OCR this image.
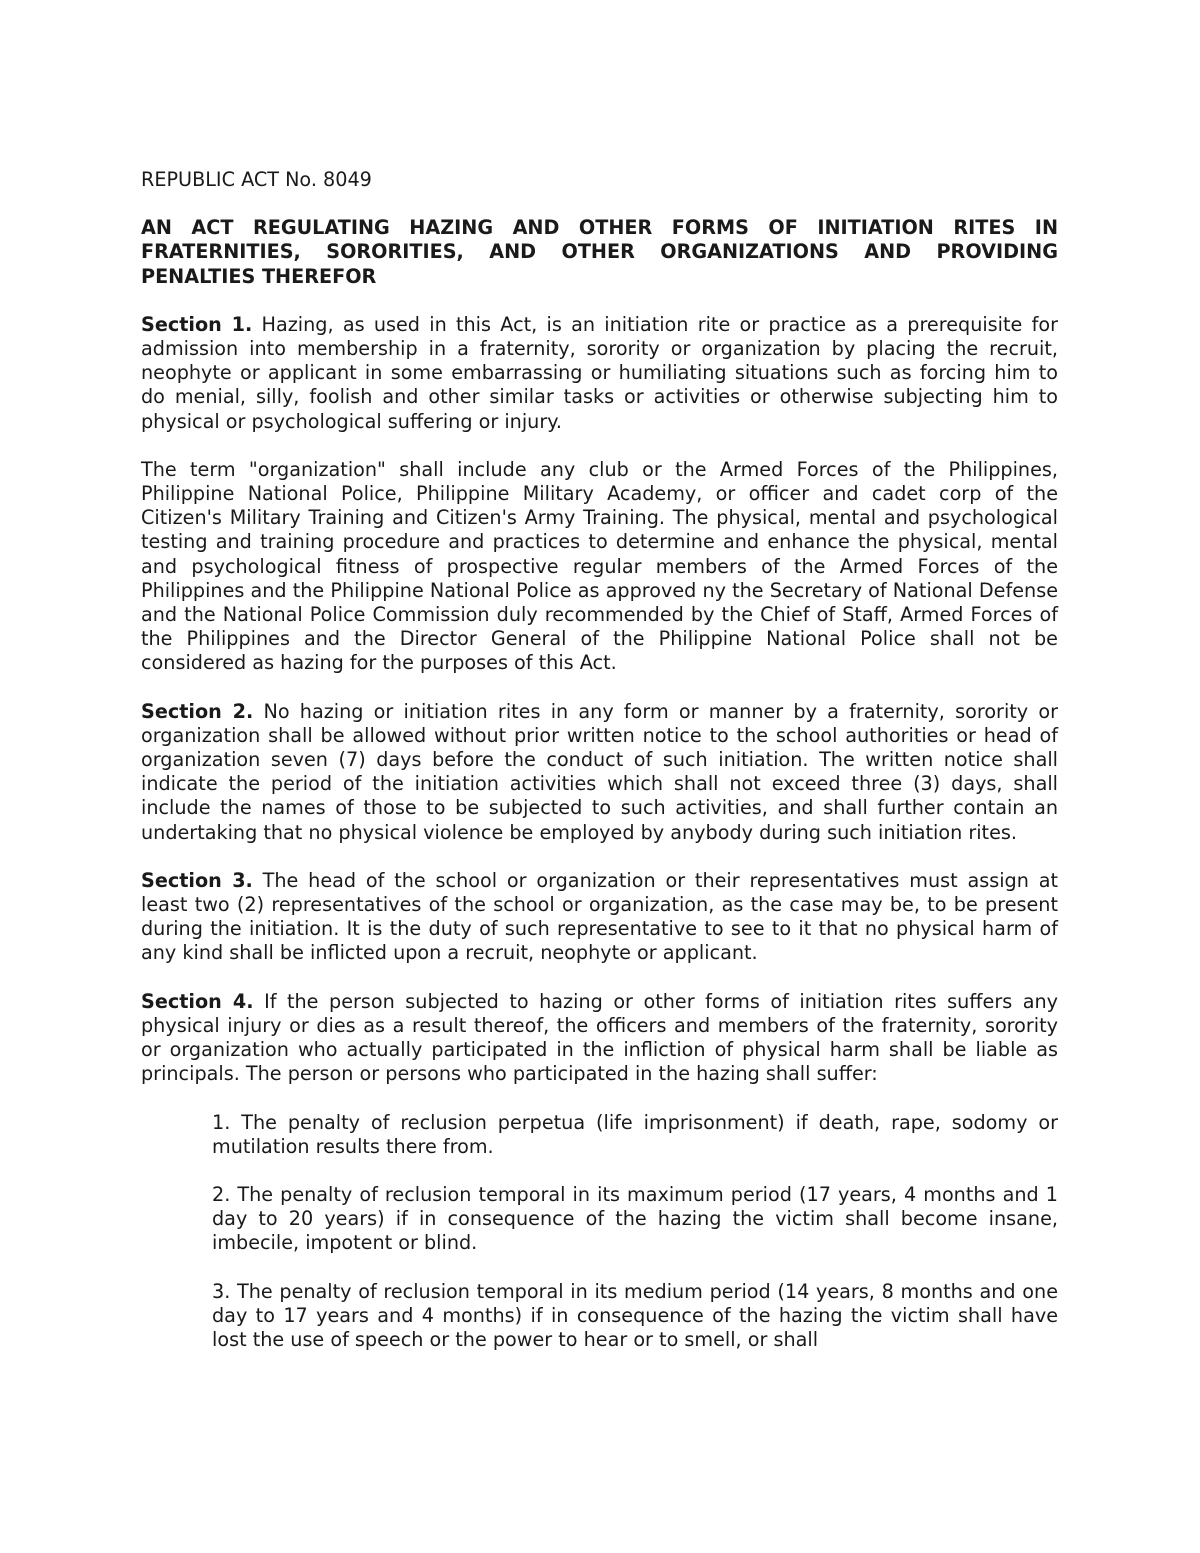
REPUBLIC ACT No. 8049
AN ACT REGULATING HAZING AND OTHER FORMS OF INITIATION RITES IN FRATERNITIES, SORORITIES, AND OTHER ORGANIZATIONS AND PROVIDING PENALTIES THEREFOR

Section 1. Hazing, as used in this Act, is an initiation rite or practice as a prerequisite for admission into membership in a fraternity, sorority or organization by placing the recruit, neophyte or applicant in some embarrassing or humiliating situations such as forcing him to do menial, silly, foolish and other similar tasks or activities or otherwise subjecting him to physical or psychological suffering or injury.

The term "organization" shall include any club or the Armed Forces of the Philippines, Philippine National Police, Philippine Military Academy, or officer and cadet corp of the Citizen's Military Training and Citizen's Army Training. The physical, mental and psychological testing and training procedure and practices to determine and enhance the physical, mental and psychological fitness of prospective regular members of the Armed Forces of the Philippines and the Philippine National Police as approved ny the Secretary of National Defense and the National Police Commission duly recommended by the Chief of Staff, Armed Forces of the Philippines and the Director General of the Philippine National Police shall not be considered as hazing for the purposes of this Act.

Section 2. No hazing or initiation rites in any form or manner by a fraternity, sorority or organization shall be allowed without prior written notice to the school authorities or head of organization seven (7) days before the conduct of such initiation. The written notice shall indicate the period of the initiation activities which shall not exceed three (3) days, shall include the names of those to be subjected to such activities, and shall further contain an undertaking that no physical violence be employed by anybody during such initiation rites.

Section 3. The head of the school or organization or their representatives must assign at least two (2) representatives of the school or organization, as the case may be, to be present during the initiation. It is the duty of such representative to see to it that no physical harm of any kind shall be inflicted upon a recruit, neophyte or applicant.

Section 4. If the person subjected to hazing or other forms of initiation rites suffers any physical injury or dies as a result thereof, the officers and members of the fraternity, sorority or organization who actually participated in the infliction of physical harm shall be liable as principals. The person or persons who participated in the hazing shall suffer:

1. The penalty of reclusion perpetua (life imprisonment) if death, rape, sodomy or mutilation results there from.

2. The penalty of reclusion temporal in its maximum period (17 years, 4 months and 1 day to 20 years) if in consequence of the hazing the victim shall become insane, imbecile, impotent or blind.

3. The penalty of reclusion temporal in its medium period (14 years, 8 months and one day to 17 years and 4 months) if in consequence of the hazing the victim shall have lost the use of speech or the power to hear or to smell, or shall
